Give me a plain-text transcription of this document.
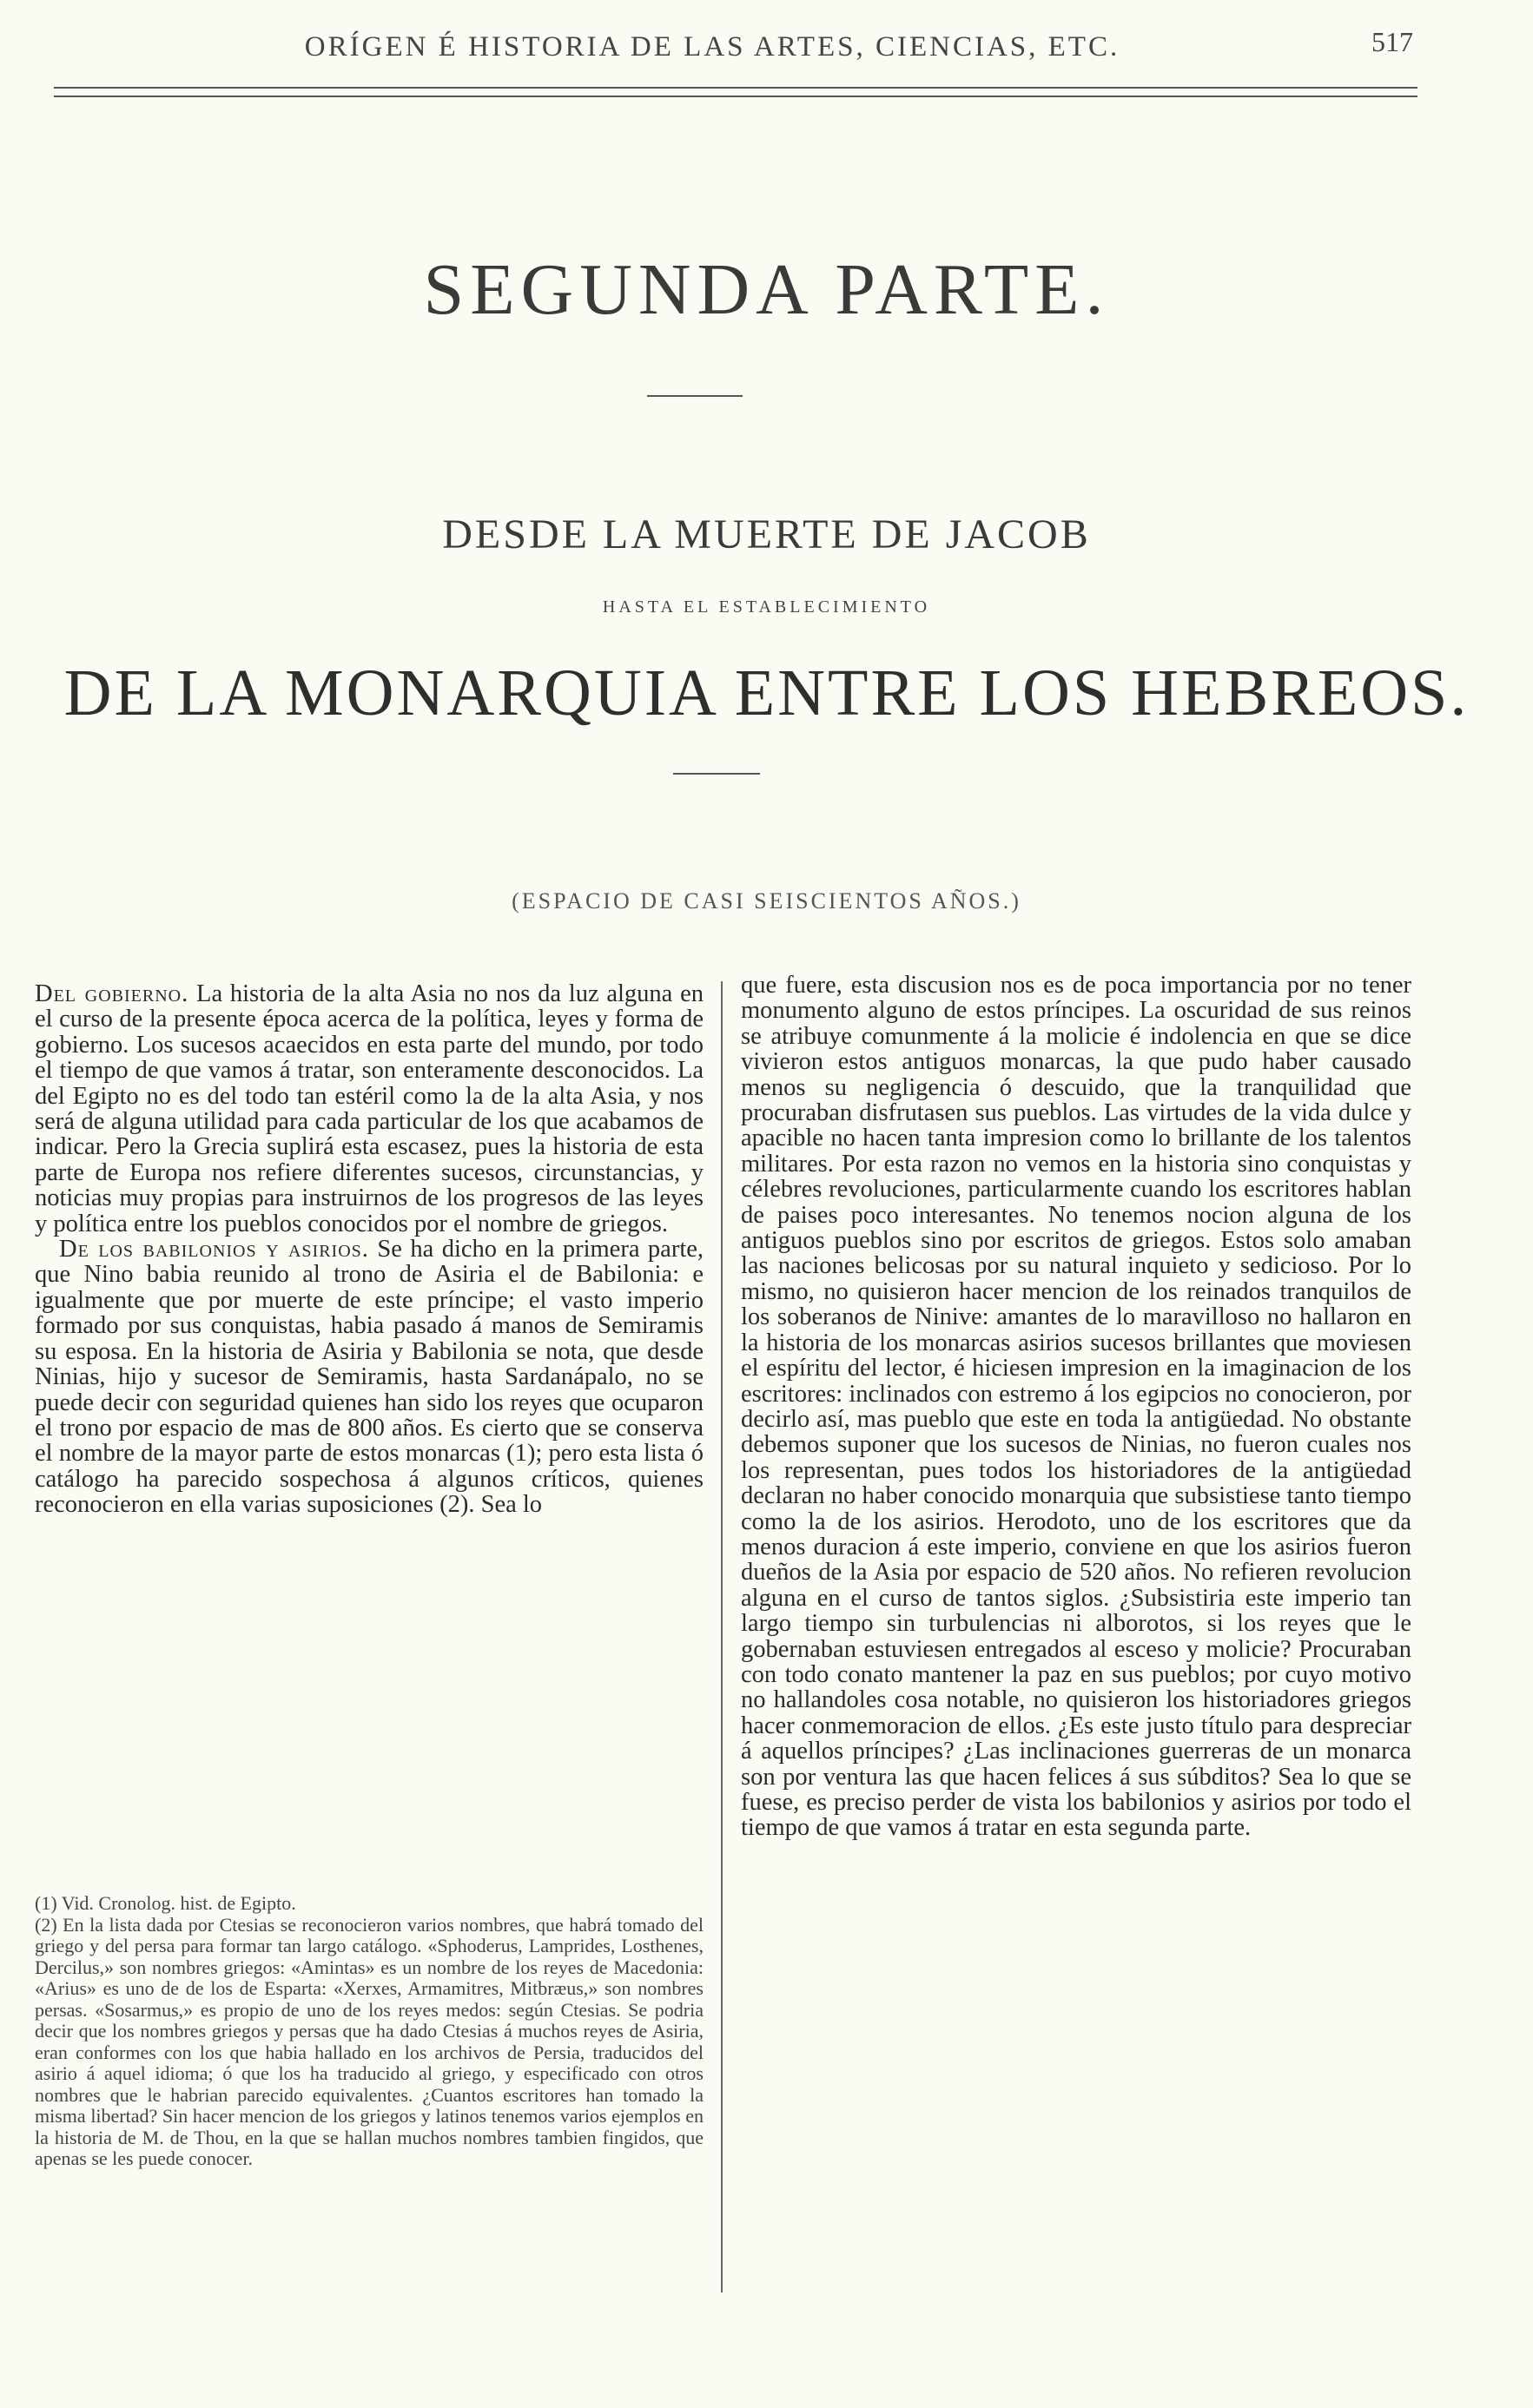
ORÍGEN É HISTORIA DE LAS ARTES, CIENCIAS, ETC.	517
SEGUNDA PARTE.
DESDE LA MUERTE DE JACOB
HASTA EL ESTABLECIMIENTO
DE LA MONARQUIA ENTRE LOS HEBREOS.
(ESPACIO DE CASI SEISCIENTOS AÑOS.)

Del gobierno. La historia de la alta Asia no nos da luz alguna en el curso de la presente época acerca de la política, leyes y forma de gobierno. Los sucesos acaecidos en esta parte del mundo, por todo el tiempo de que vamos á tratar, son enteramente desconocidos. La del Egipto no es del todo tan estéril como la de la alta Asia, y nos será de alguna utilidad para cada particular de los que acabamos de indicar. Pero la Grecia suplirá esta escasez, pues la historia de esta parte de Europa nos refiere diferentes sucesos, circunstancias, y noticias muy propias para instruirnos de los progresos de las leyes y política entre los pueblos conocidos por el nombre de griegos.

De los babilonios y asirios. Se ha dicho en la primera parte, que Nino babia reunido al trono de Asiria el de Babilonia: e igualmente que por muerte de este príncipe; el vasto imperio formado por sus conquistas, habia pasado á manos de Semiramis su esposa. En la historia de Asiria y Babilonia se nota, que desde Ninias, hijo y sucesor de Semiramis, hasta Sardanápalo, no se puede decir con seguridad quienes han sido los reyes que ocuparon el trono por espacio de mas de 800 años. Es cierto que se conserva el nombre de la mayor parte de estos monarcas (1); pero esta lista ó catálogo ha parecido sospechosa á algunos críticos, quienes reconocieron en ella varias suposiciones (2). Sea lo

(1) Vid. Cronolog. hist. de Egipto.

(2) En la lista dada por Ctesias se reconocieron varios nombres, que habrá tomado del griego y del persa para formar tan largo catálogo. «Sphoderus, Lamprides, Losthenes, Dercilus,» son nombres griegos: «Amintas» es un nombre de los reyes de Macedonia: «Arius» es uno de de los de Esparta: «Xerxes, Armamitres, Mitbræus,» son nombres persas. «Sosarmus,» es propio de uno de los reyes medos: según Ctesias. Se podria decir que los nombres griegos y persas que ha dado Ctesias á muchos reyes de Asiria, eran conformes con los que habia hallado en los archivos de Persia, traducidos del asirio á aquel idioma; ó que los ha traducido al griego, y especificado con otros nombres que le habrian parecido equivalentes. ¿Cuantos escritores han tomado la misma libertad? Sin hacer mencion de los griegos y latinos tenemos varios ejemplos en la historia de M. de Thou, en la que se hallan muchos nombres tambien fingidos, que apenas se les puede conocer.

que fuere, esta discusion nos es de poca importancia por no tener monumento alguno de estos príncipes. La oscuridad de sus reinos se atribuye comunmente á la molicie é indolencia en que se dice vivieron estos antiguos monarcas, la que pudo haber causado menos su negligencia ó descuido, que la tranquilidad que procuraban disfrutasen sus pueblos. Las virtudes de la vida dulce y apacible no hacen tanta impresion como lo brillante de los talentos militares. Por esta razon no vemos en la historia sino conquistas y célebres revoluciones, particularmente cuando los escritores hablan de paises poco interesantes. No tenemos nocion alguna de los antiguos pueblos sino por escritos de griegos. Estos solo amaban las naciones belicosas por su natural inquieto y sedicioso. Por lo mismo, no quisieron hacer mencion de los reinados tranquilos de los soberanos de Ninive: amantes de lo maravilloso no hallaron en la historia de los monarcas asirios sucesos brillantes que moviesen el espíritu del lector, é hiciesen impresion en la imaginacion de los escritores: inclinados con estremo á los egipcios no conocieron, por decirlo así, mas pueblo que este en toda la antigüedad. No obstante debemos suponer que los sucesos de Ninias, no fueron cuales nos los representan, pues todos los historiadores de la antigüedad declaran no haber conocido monarquia que subsistiese tanto tiempo como la de los asirios. Herodoto, uno de los escritores que da menos duracion á este imperio, conviene en que los asirios fueron dueños de la Asia por espacio de 520 años. No refieren revolucion alguna en el curso de tantos siglos. ¿Subsistiria este imperio tan largo tiempo sin turbulencias ni alborotos, si los reyes que le gobernaban estuviesen entregados al esceso y molicie? Procuraban con todo conato mantener la paz en sus pueblos; por cuyo motivo no hallandoles cosa notable, no quisieron los historiadores griegos hacer conmemoracion de ellos. ¿Es este justo título para despreciar á aquellos príncipes? ¿Las inclinaciones guerreras de un monarca son por ventura las que hacen felices á sus súbditos? Sea lo que se fuese, es preciso perder de vista los babilonios y asirios por todo el tiempo de que vamos á tratar en esta segunda parte.
